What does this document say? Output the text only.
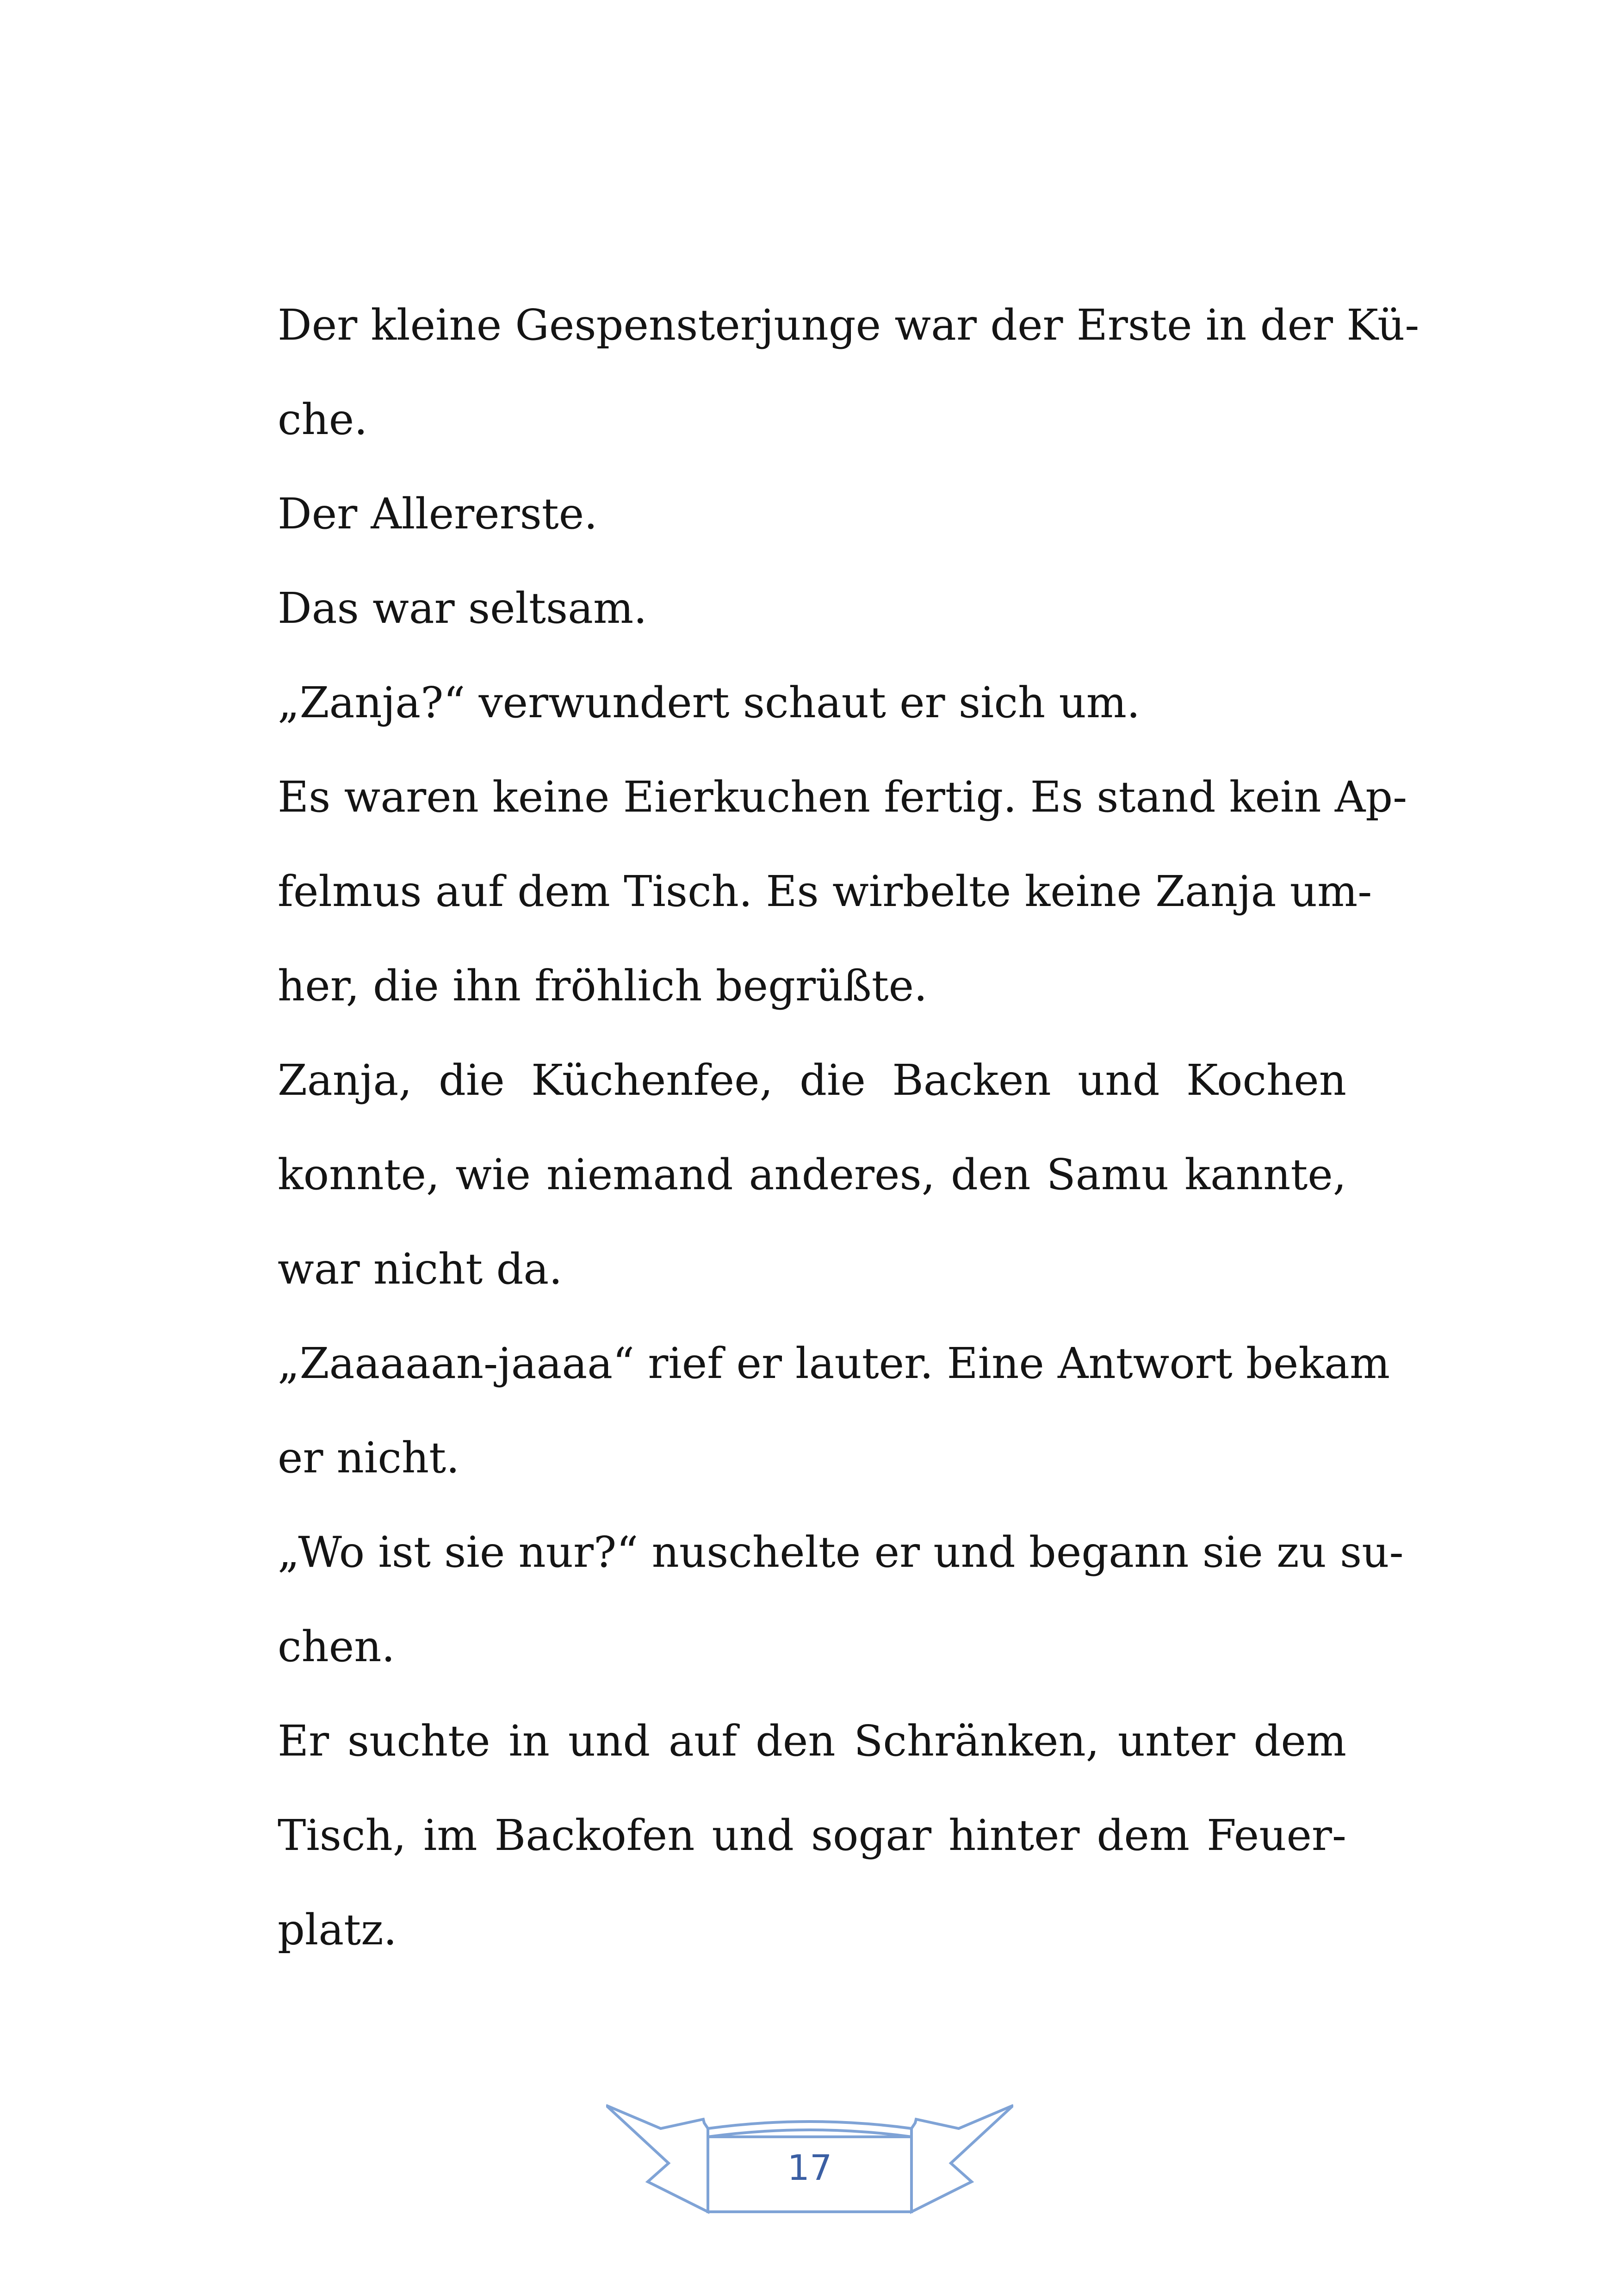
Der kleine Gespensterjunge war der Erste in der Kü-
che.
Der Allererste.
Das war seltsam.
„Zanja?“ verwundert schaut er sich um.
Es waren keine Eierkuchen fertig. Es stand kein Ap-
felmus auf dem Tisch. Es wirbelte keine Zanja um-
her, die ihn fröhlich begrüßte.
Zanja, die Küchenfee, die Backen und Kochen
konnte, wie niemand anderes, den Samu kannte,
war nicht da.
„Zaaaaan-jaaaa“ rief er lauter. Eine Antwort bekam
er nicht.
„Wo ist sie nur?“ nuschelte er und begann sie zu su-
chen.
Er suchte in und auf den Schränken, unter dem
Tisch, im Backofen und sogar hinter dem Feuer-
platz.
17
